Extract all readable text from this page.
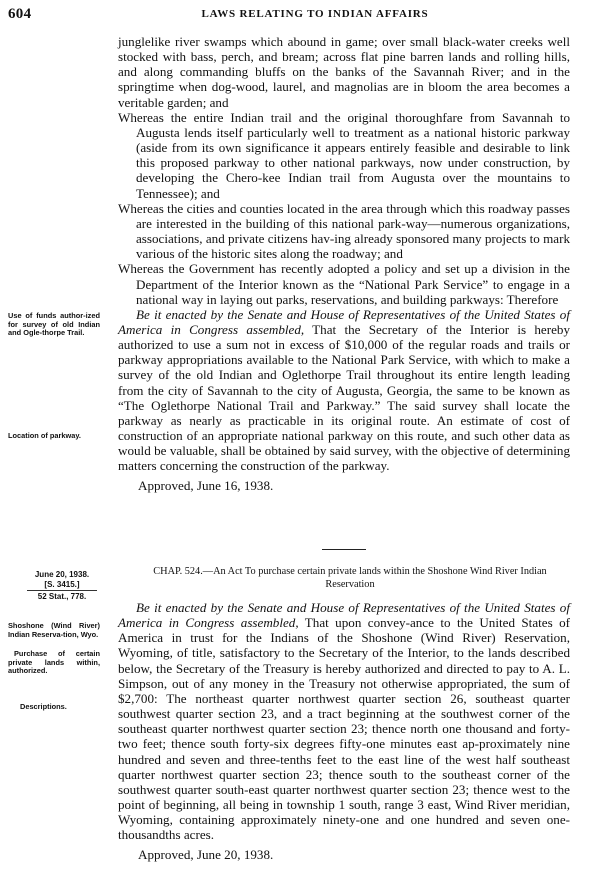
604	LAWS RELATING TO INDIAN AFFAIRS

junglelike river swamps which abound in game; over small black-water creeks well stocked with bass, perch, and bream; across flat pine barren lands and rolling hills, and along commanding bluffs on the banks of the Savannah River; and in the springtime when dog-wood, laurel, and magnolias are in bloom the area becomes a veritable garden; and

Whereas the entire Indian trail and the original thoroughfare from Savannah to Augusta lends itself particularly well to treatment as a national historic parkway (aside from its own significance it appears entirely feasible and desirable to link this proposed parkway to other national parkways, now under construction, by developing the Chero-kee Indian trail from Augusta over the mountains to Tennessee); and

Whereas the cities and counties located in the area through which this roadway passes are interested in the building of this national park-way—numerous organizations, associations, and private citizens hav-ing already sponsored many projects to mark various of the historic sites along the roadway; and

Whereas the Government has recently adopted a policy and set up a division in the Department of the Interior known as the “National Park Service” to engage in a national way in laying out parks, reservations, and building parkways: Therefore

Be it enacted by the Senate and House of Representatives of the United States of America in Congress assembled, That the Secretary of the Interior is hereby authorized to use a sum not in excess of $10,000 of the regular roads and trails or parkway appropriations available to the National Park Service, with which to make a survey of the old Indian and Oglethorpe Trail throughout its entire length leading from the city of Savannah to the city of Augusta, Georgia, the same to be known as “The Oglethorpe National Trail and Parkway.” The said survey shall locate the parkway as nearly as practicable in its original route. An estimate of cost of construction of an appropriate national parkway on this route, and such other data as would be valuable, shall be obtained by said survey, with the objective of determining matters concerning the construction of the parkway.

Approved, June 16, 1938.

CHAP. 524.—An Act To purchase certain private lands within the Shoshone Wind River Indian Reservation

Be it enacted by the Senate and House of Representatives of the United States of America in Congress assembled, That upon convey-ance to the United States of America in trust for the Indians of the Shoshone (Wind River) Reservation, Wyoming, of title, satisfactory to the Secretary of the Interior, to the lands described below, the Secretary of the Treasury is hereby authorized and directed to pay to A. L. Simpson, out of any money in the Treasury not otherwise appropriated, the sum of $2,700: The northeast quarter northwest quarter section 26, southeast quarter southwest quarter section 23, and a tract beginning at the southwest corner of the southeast quarter northwest quarter section 23; thence north one thousand and forty-two feet; thence south forty-six degrees fifty-one minutes east ap-proximately nine hundred and seven and three-tenths feet to the east line of the west half southeast quarter northwest quarter section 23; thence south to the southeast corner of the southwest quarter south-east quarter northwest quarter section 23; thence west to the point of beginning, all being in township 1 south, range 3 east, Wind River meridian, Wyoming, containing approximately ninety-one and one hundred and seven one-thousandths acres.

Approved, June 20, 1938.

Use of funds author-ized for survey of old Indian and Ogle-thorpe Trail.
Location of parkway.
June 20, 1938.
[S. 3415.]
52 Stat., 778.
Shoshone (Wind River) Indian Reserva-tion, Wyo.
Purchase of certain private lands within, authorized.
Descriptions.
